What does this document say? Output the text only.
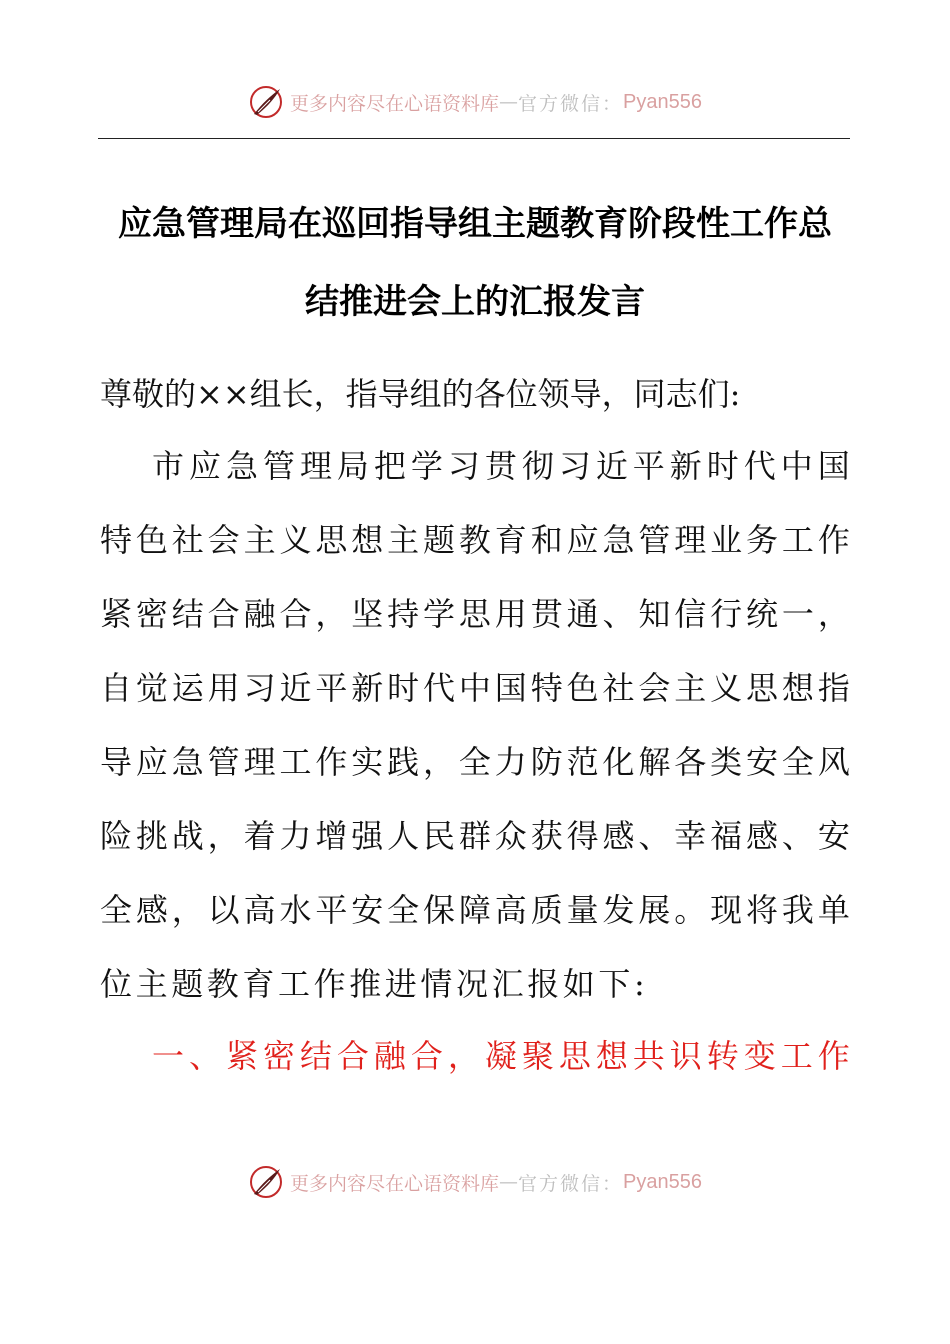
更多内容尽在心语资料库 — 官方微信： Pyan556
应急管理局在巡回指导组主题教育阶段性工作总
结推进会上的汇报发言
尊敬的××组长，指导组的各位领导，同志们:
市 应 急 管 理 局 把 学 习 贯 彻 习 近 平 新 时 代 中 国
特 色 社 会 主 义 思 想 主 题 教 育 和 应 急 管 理 业 务 工 作
紧 密 结 合 融 合 ， 坚 持 学 思 用 贯 通 、 知 信 行 统 一 ，
自 觉 运 用 习 近 平 新 时 代 中 国 特 色 社 会 主 义 思 想 指
导 应 急 管 理 工 作 实 践 ， 全 力 防 范 化 解 各 类 安 全 风
险 挑 战 ， 着 力 增 强 人 民 群 众 获 得 感 、 幸 福 感 、 安
全 感 ， 以 高 水 平 安 全 保 障 高 质 量 发 展 。 现 将 我 单
位主题教育工作推进情况汇报如下:
一 、 紧 密 结 合 融 合 ， 凝 聚 思 想 共 识 转 变 工 作
更多内容尽在心语资料库 — 官方微信： Pyan556
